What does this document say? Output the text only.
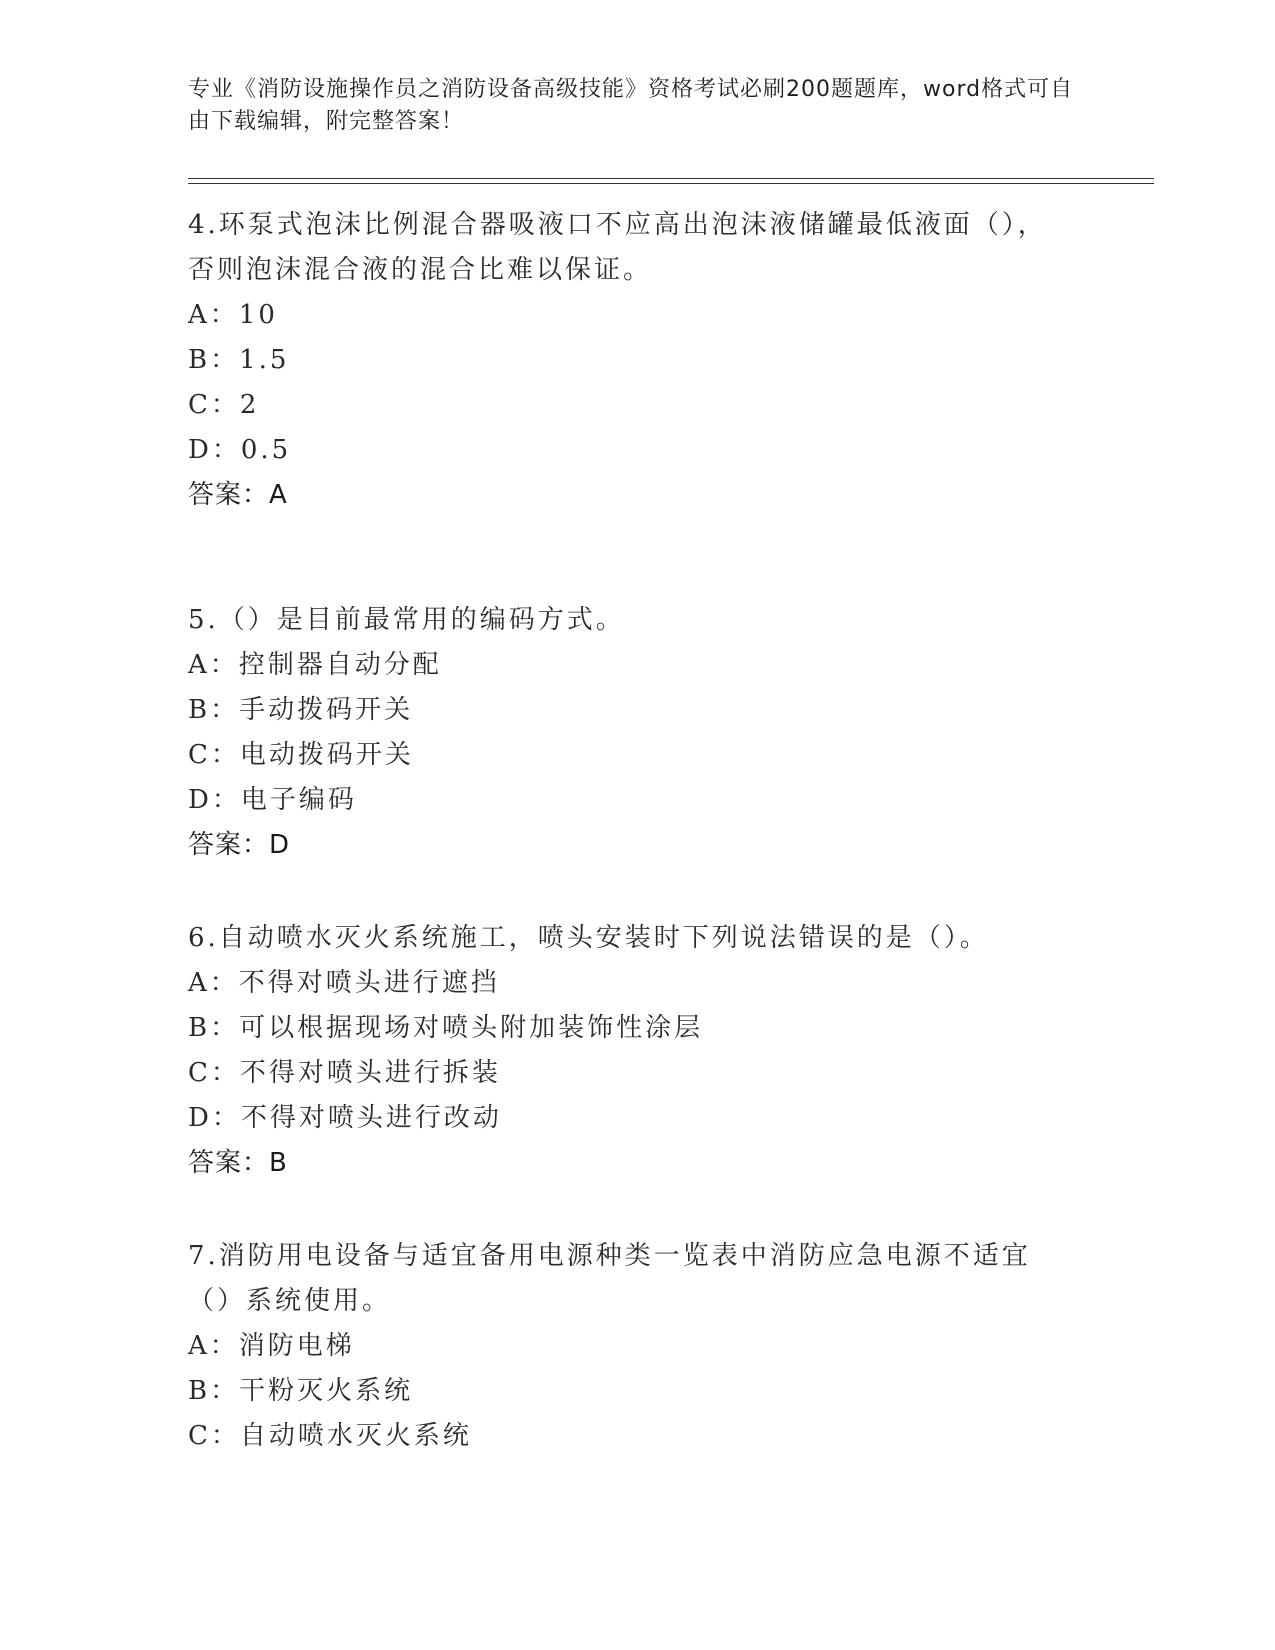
专业《消防设施操作员之消防设备高级技能》资格考试必刷200题题库，word格式可自由下载编辑，附完整答案！
4.环泵式泡沫比例混合器吸液口不应高出泡沫液储罐最低液面（），否则泡沫混合液的混合比难以保证。
A：10
B：1.5
C：2
D：0.5
答案：A
5.（）是目前最常用的编码方式。
A：控制器自动分配
B：手动拨码开关
C：电动拨码开关
D：电子编码
答案：D
6.自动喷水灭火系统施工，喷头安装时下列说法错误的是（）。
A：不得对喷头进行遮挡
B：可以根据现场对喷头附加装饰性涂层
C：不得对喷头进行拆装
D：不得对喷头进行改动
答案：B
7.消防用电设备与适宜备用电源种类一览表中消防应急电源不适宜（）系统使用。
A：消防电梯
B：干粉灭火系统
C：自动喷水灭火系统
